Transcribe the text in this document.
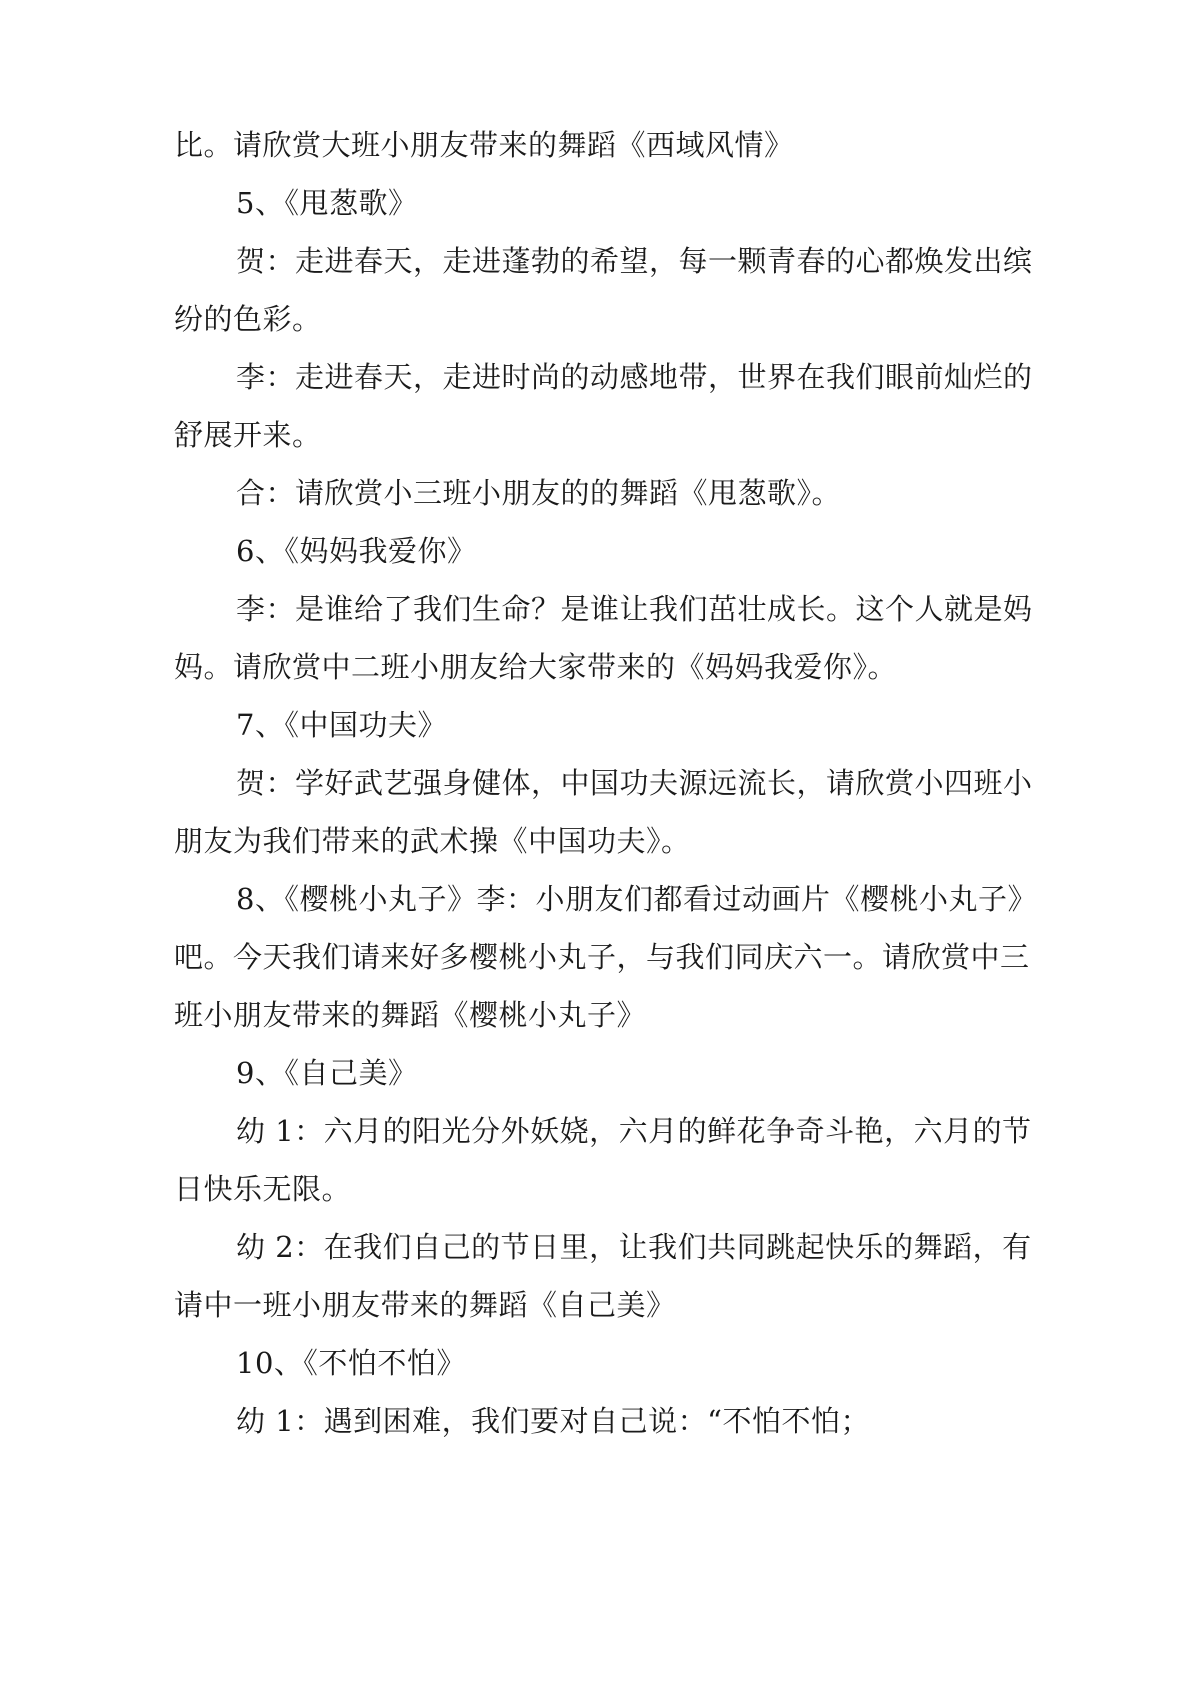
比。请欣赏大班小朋友带来的舞蹈《西域风情》

5、《甩葱歌》

贺：走进春天，走进蓬勃的希望，每一颗青春的心都焕发出缤纷的色彩。

李：走进春天，走进时尚的动感地带，世界在我们眼前灿烂的舒展开来。

合：请欣赏小三班小朋友的的舞蹈《甩葱歌》。

6、《妈妈我爱你》

李：是谁给了我们生命？是谁让我们茁壮成长。这个人就是妈妈。请欣赏中二班小朋友给大家带来的《妈妈我爱你》。

7、《中国功夫》

贺：学好武艺强身健体，中国功夫源远流长，请欣赏小四班小朋友为我们带来的武术操《中国功夫》。

8、《樱桃小丸子》李：小朋友们都看过动画片《樱桃小丸子》吧。今天我们请来好多樱桃小丸子，与我们同庆六一。请欣赏中三班小朋友带来的舞蹈《樱桃小丸子》

9、《自己美》

幼 1：六月的阳光分外妖娆，六月的鲜花争奇斗艳，六月的节日快乐无限。

幼 2：在我们自己的节日里，让我们共同跳起快乐的舞蹈，有请中一班小朋友带来的舞蹈《自己美》

10、《不怕不怕》

幼 1：遇到困难，我们要对自己说：“不怕不怕；
